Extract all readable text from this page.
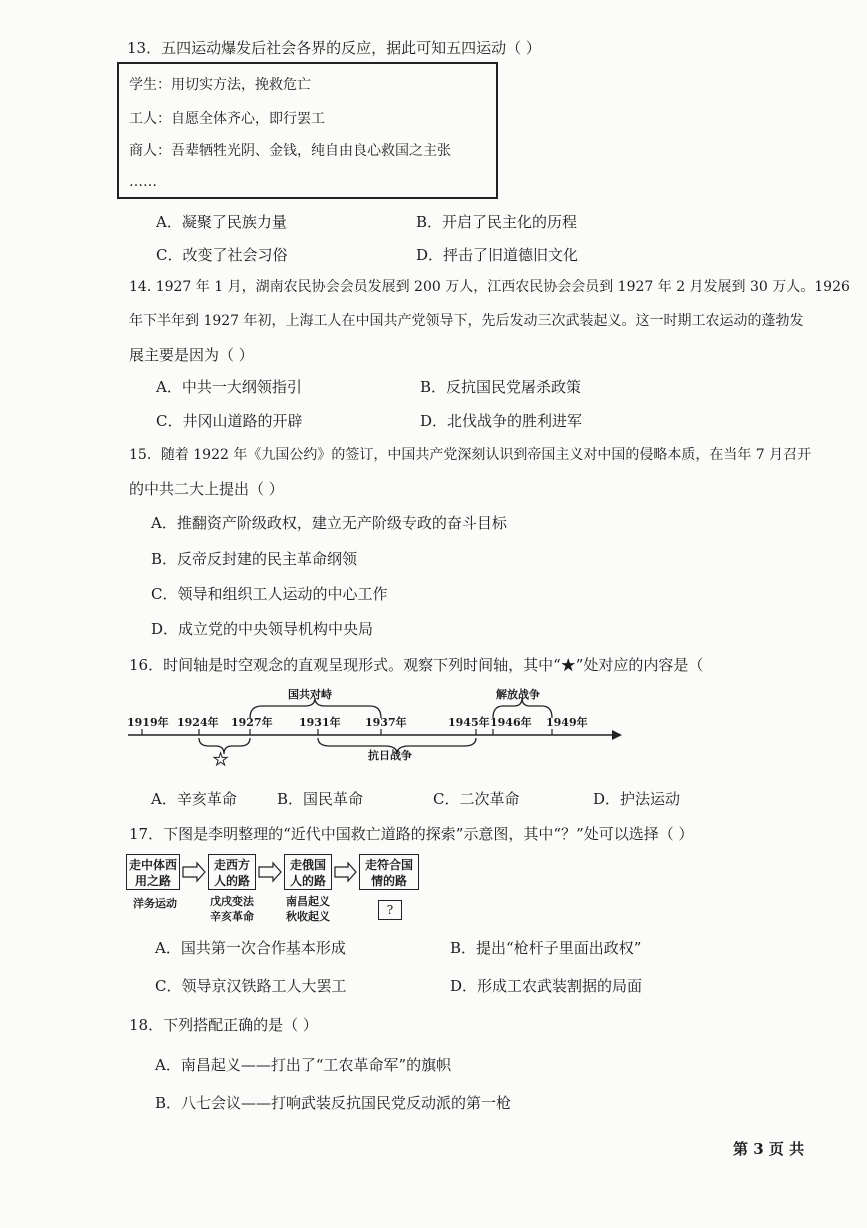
13．五四运动爆发后社会各界的反应，据此可知五四运动（ ）
学生：用切实方法，挽救危亡
工人：自愿全体齐心，即行罢工
商人：吾辈牺牲光阴、金钱，纯自由良心救国之主张
……
A．凝聚了民族力量	B．开启了民主化的历程
C．改变了社会习俗	D．抨击了旧道德旧文化
14. 1927 年 1 月，湖南农民协会会员发展到 200 万人，江西农民协会会员到 1927 年 2 月发展到 30 万人。1926
年下半年到 1927 年初，上海工人在中国共产党领导下，先后发动三次武装起义。这一时期工农运动的蓬勃发
展主要是因为（ ）
A．中共一大纲领指引	B．反抗国民党屠杀政策
C．井冈山道路的开辟	D．北伐战争的胜利进军
15．随着 1922 年《九国公约》的签订，中国共产党深刻认识到帝国主义对中国的侵略本质，在当年 7 月召开
的中共二大上提出（ ）
A．推翻资产阶级政权，建立无产阶级专政的奋斗目标
B．反帝反封建的民主革命纲领
C．领导和组织工人运动的中心工作
D．成立党的中央领导机构中央局
16．时间轴是时空观念的直观呈现形式。观察下列时间轴，其中“★”处对应的内容是（
国共对峙	解放战争
抗日战争
★
1919年 1924年 1927年 1931年 1937年	1945年 1946年 1949年
A．辛亥革命	B．国民革命	C．二次革命	D．护法运动
17．下图是李明整理的“近代中国救亡道路的探索”示意图，其中“？”处可以选择（ ）
走中体西
用之路
走西方
人的路
走俄国
人的路
走符合国
情的路
洋务运动	戊戌变法
辛亥革命
南昌起义
秋收起义	?
A．国共第一次合作基本形成	B．提出“枪杆子里面出政权”
C．领导京汉铁路工人大罢工	D．形成工农武装割据的局面
18．下列搭配正确的是（ ）
A．南昌起义——打出了“工农革命军”的旗帜
B．八七会议——打响武装反抗国民党反动派的第一枪
第 3 页 共
